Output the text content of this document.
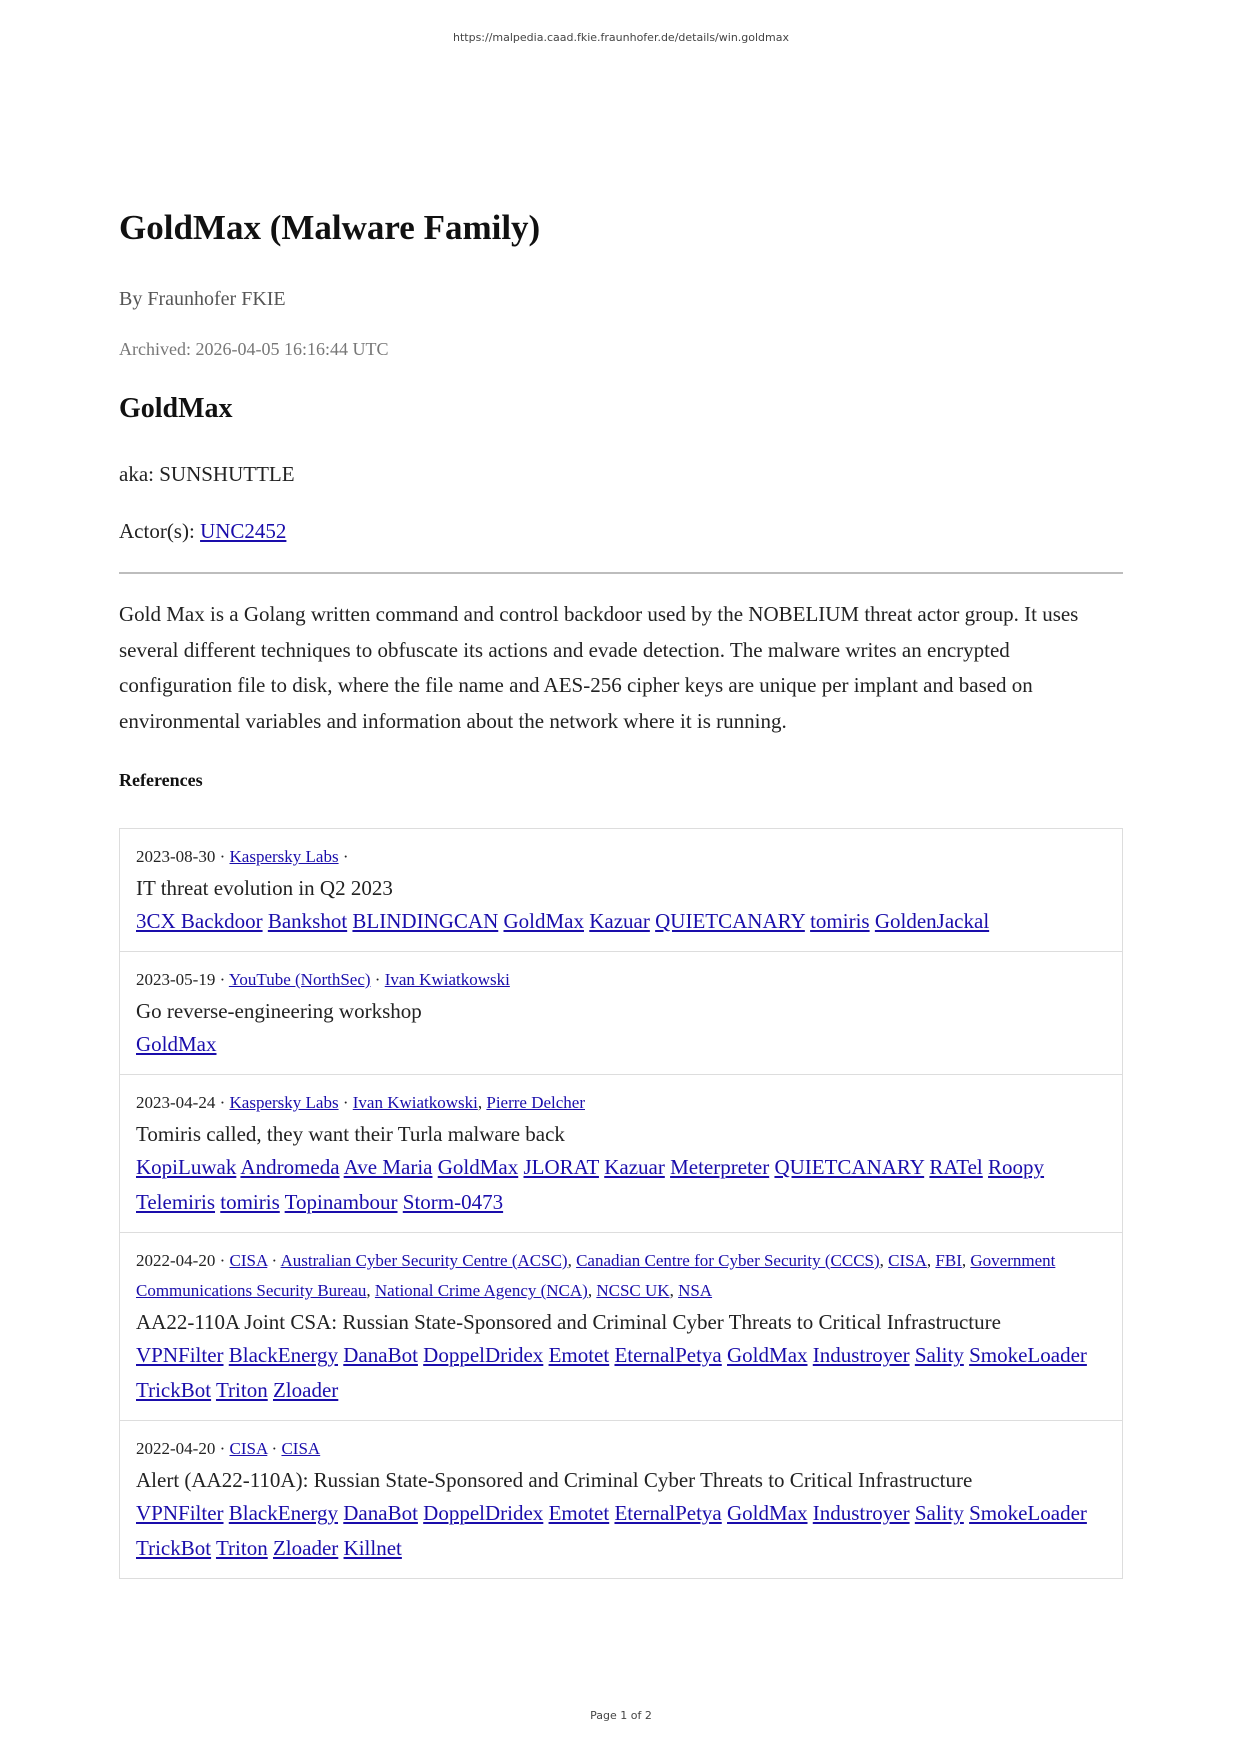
https://malpedia.caad.fkie.fraunhofer.de/details/win.goldmax
GoldMax (Malware Family)
By Fraunhofer FKIE
Archived: 2026-04-05 16:16:44 UTC
GoldMax
aka: SUNSHUTTLE
Actor(s): UNC2452

Gold Max is a Golang written command and control backdoor used by the NOBELIUM threat actor group. It uses several different techniques to obfuscate its actions and evade detection. The malware writes an encrypted configuration file to disk, where the file name and AES-256 cipher keys are unique per implant and based on environmental variables and information about the network where it is running.

References
2023-08-30 · Kaspersky Labs ·
IT threat evolution in Q2 2023
3CX Backdoor Bankshot BLINDINGCAN GoldMax Kazuar QUIETCANARY tomiris GoldenJackal
2023-05-19 · YouTube (NorthSec) · Ivan Kwiatkowski
Go reverse-engineering workshop
GoldMax
2023-04-24 · Kaspersky Labs · Ivan Kwiatkowski, Pierre Delcher
Tomiris called, they want their Turla malware back
KopiLuwak Andromeda Ave Maria GoldMax JLORAT Kazuar Meterpreter QUIETCANARY RATel Roopy Telemiris tomiris Topinambour Storm-0473
2022-04-20 · CISA · Australian Cyber Security Centre (ACSC), Canadian Centre for Cyber Security (CCCS), CISA, FBI, Government Communications Security Bureau, National Crime Agency (NCA), NCSC UK, NSA
AA22-110A Joint CSA: Russian State-Sponsored and Criminal Cyber Threats to Critical Infrastructure
VPNFilter BlackEnergy DanaBot DoppelDridex Emotet EternalPetya GoldMax Industroyer Sality SmokeLoader TrickBot Triton Zloader
2022-04-20 · CISA · CISA
Alert (AA22-110A): Russian State-Sponsored and Criminal Cyber Threats to Critical Infrastructure
VPNFilter BlackEnergy DanaBot DoppelDridex Emotet EternalPetya GoldMax Industroyer Sality SmokeLoader TrickBot Triton Zloader Killnet
Page 1 of 2
